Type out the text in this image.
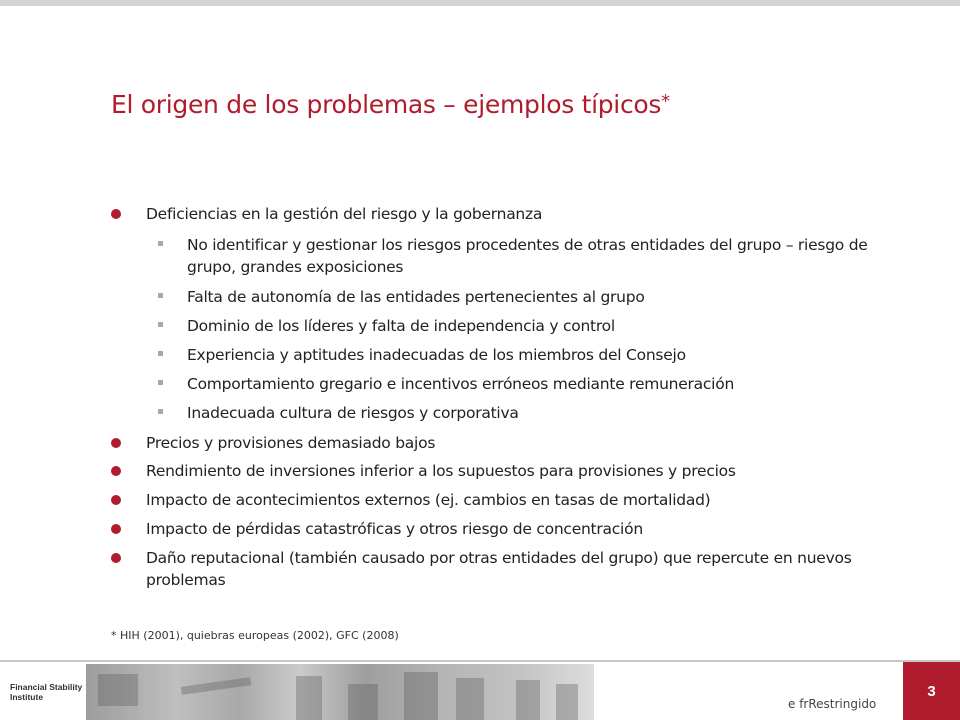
El origen de los problemas – ejemplos típicos*
Deficiencias en la gestión del riesgo y la gobernanza
No identificar y gestionar los riesgos procedentes de otras entidades del grupo – riesgo de grupo, grandes exposiciones
Falta de autonomía de las entidades pertenecientes al grupo
Dominio de los líderes y falta de independencia y control
Experiencia y aptitudes inadecuadas de los miembros del Consejo
Comportamiento gregario e incentivos erróneos mediante remuneración
Inadecuada cultura de riesgos y corporativa
Precios y provisiones demasiado bajos
Rendimiento de inversiones inferior a los supuestos para provisiones y precios
Impacto de acontecimientos externos (ej. cambios en tasas de mortalidad)
Impacto de pérdidas catastróficas y otros riesgo de concentración
Daño reputacional (también causado por otras entidades del grupo) que repercute en nuevos problemas
* HIH (2001), quiebras europeas (2002), GFC (2008)
Financial Stability
Institute	e frRestringido
3
